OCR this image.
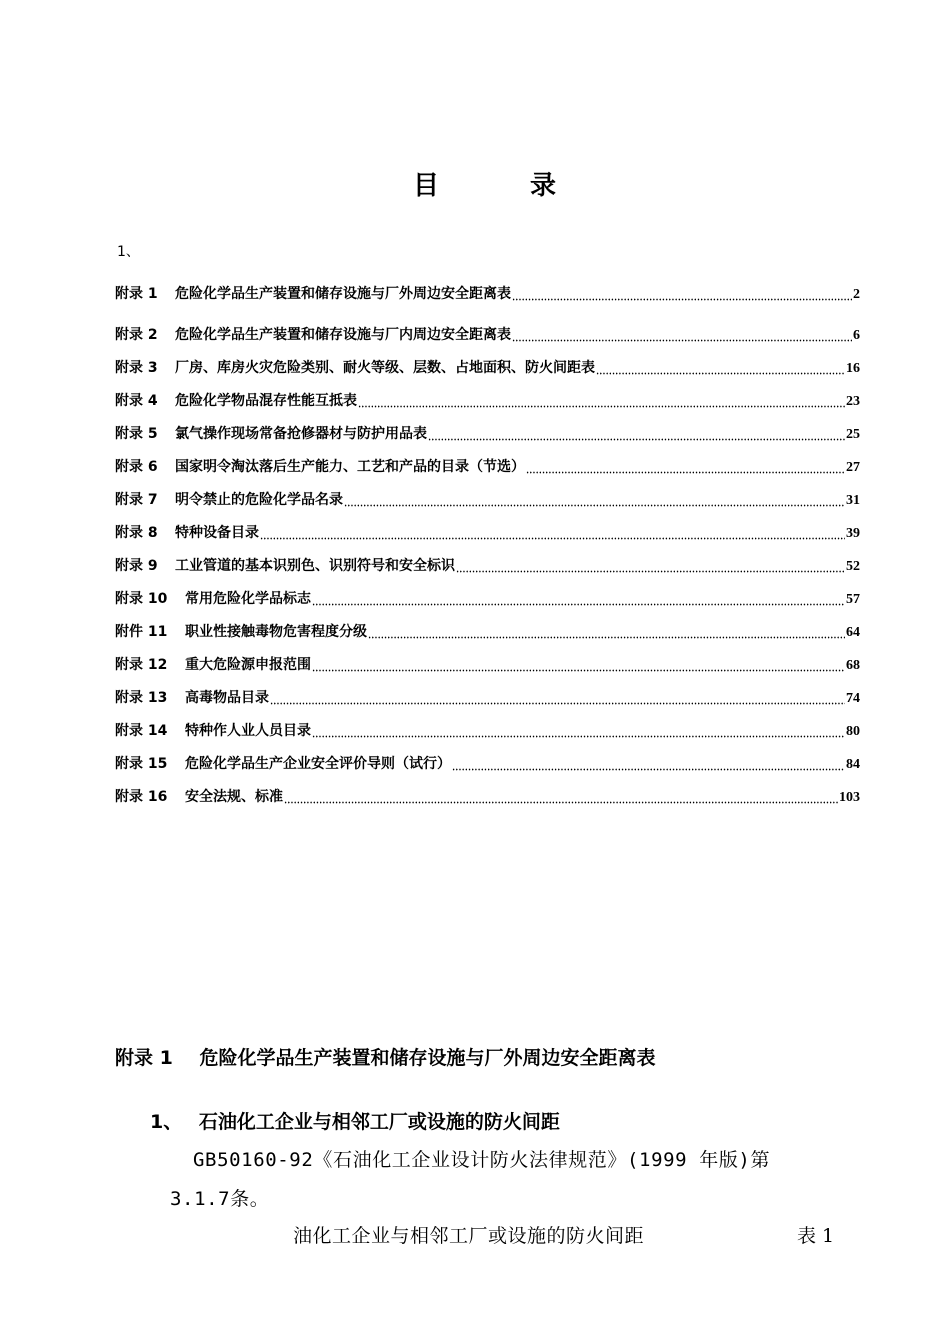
目	录
1、
附录 1	危险化学品生产装置和储存设施与厂外周边安全距离表	2
附录 2	危险化学品生产装置和储存设施与厂内周边安全距离表	6
附录 3	厂房、库房火灾危险类别、耐火等级、层数、占地面积、防火间距表	16
附录 4	危险化学物品混存性能互抵表	23
附录 5	氯气操作现场常备抢修器材与防护用品表	25
附录 6	国家明令淘汰落后生产能力、工艺和产品的目录（节选）	27
附录 7	明令禁止的危险化学品名录	31
附录 8	特种设备目录	39
附录 9	工业管道的基本识别色、识别符号和安全标识	52
附录 10	常用危险化学品标志	57
附件 11	职业性接触毒物危害程度分级	64
附录 12	重大危险源申报范围	68
附录 13	高毒物品目录	74
附录 14	特种作人业人员目录	80
附录 15	危险化学品生产企业安全评价导则（试行）	84
附录 16	安全法规、标准	103
附录 1 危险化学品生产装置和储存设施与厂外周边安全距离表
1、 石油化工企业与相邻工厂或设施的防火间距
GB50160-92《石油化工企业设计防火法律规范》(1999 年版)第
3.1.7条。
油化工企业与相邻工厂或设施的防火间距	表 1
